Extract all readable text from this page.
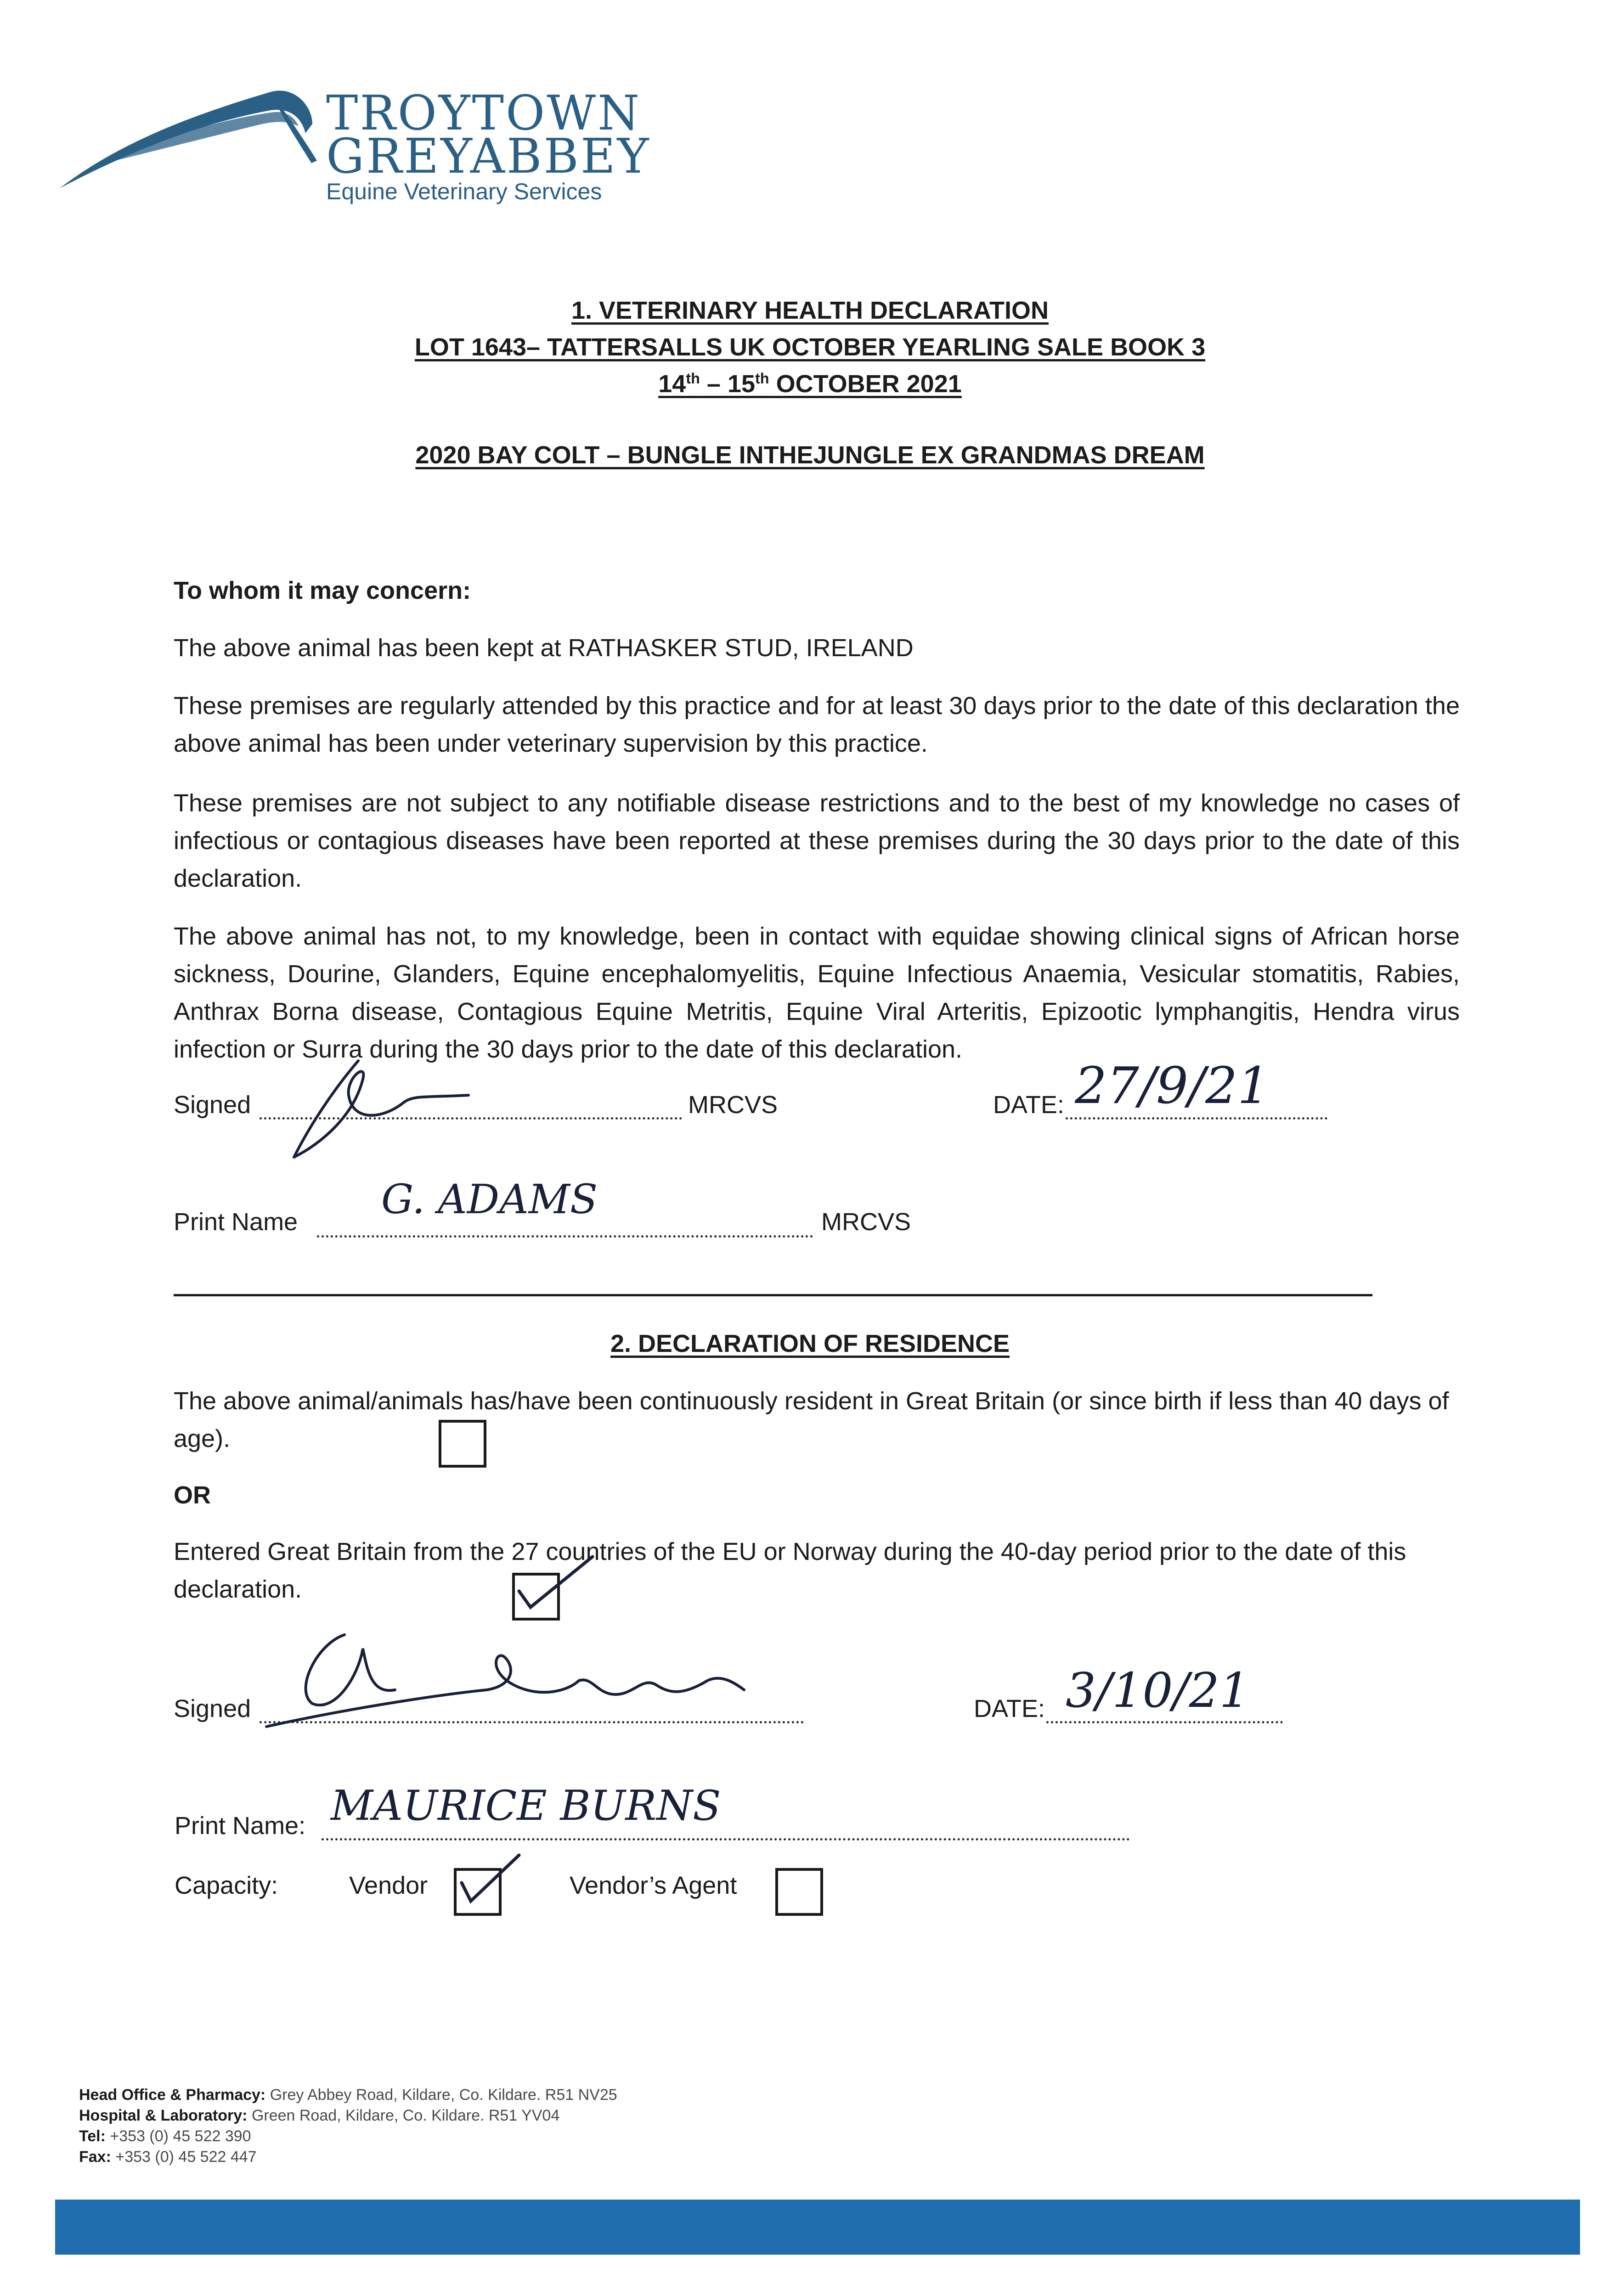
TROYTOWN
GREYABBEY
Equine Veterinary Services
1. VETERINARY HEALTH DECLARATION
LOT 1643– TATTERSALLS UK OCTOBER YEARLING SALE BOOK 3
14th – 15th OCTOBER 2021
2020 BAY COLT – BUNGLE INTHEJUNGLE EX GRANDMAS DREAM
To whom it may concern:
The above animal has been kept at RATHASKER STUD, IRELAND
These premises are regularly attended by this practice and for at least 30 days prior to the date of this declaration the above animal has been under veterinary supervision by this practice.
These premises are not subject to any notifiable disease restrictions and to the best of my knowledge no cases of infectious or contagious diseases have been reported at these premises during the 30 days prior to the date of this declaration.
The above animal has not, to my knowledge, been in contact with equidae showing clinical signs of African horse sickness, Dourine, Glanders, Equine encephalomyelitis, Equine Infectious Anaemia, Vesicular stomatitis, Rabies, Anthrax Borna disease, Contagious Equine Metritis, Equine Viral Arteritis, Epizootic lymphangitis, Hendra virus infection or Surra during the 30 days prior to the date of this declaration.
Signed	MRCVS	DATE: 27/9/21
Print Name	MRCVS
G. ADAMS
2. DECLARATION OF RESIDENCE
The above animal/animals has/have been continuously resident in Great Britain (or since birth if less than 40 days of age).
OR
Entered Great Britain from the 27 countries of the EU or Norway during the 40-day period prior to the date of this declaration.
Signed	DATE: 3/10/21
Print Name: MAURICE BURNS
Capacity:	Vendor	Vendor’s Agent
Head Office & Pharmacy: Grey Abbey Road, Kildare, Co. Kildare. R51 NV25
Hospital & Laboratory: Green Road, Kildare, Co. Kildare. R51 YV04
Tel: +353 (0) 45 522 390
Fax: +353 (0) 45 522 447
